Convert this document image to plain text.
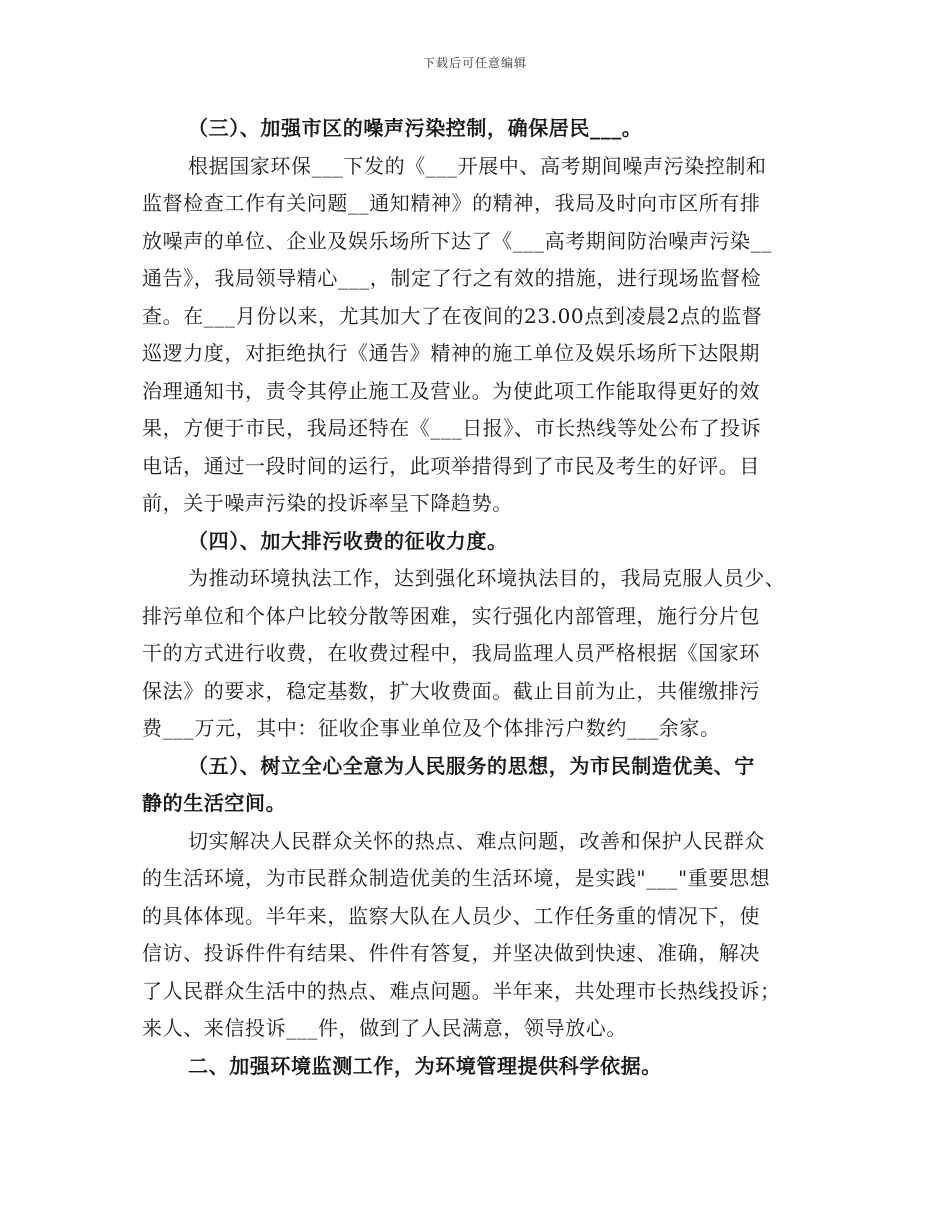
下载后可任意编辑
（三）、加强市区的噪声污染控制，确保居民___。
根据国家环保___下发的《___开展中、高考期间噪声污染控制和
监督检查工作有关问题__通知精神》的精神，我局及时向市区所有排
放噪声的单位、企业及娱乐场所下达了《___高考期间防治噪声污染__
通告》，我局领导精心___，制定了行之有效的措施，进行现场监督检
查。在___月份以来，尤其加大了在夜间的23.00点到凌晨2点的监督
巡逻力度，对拒绝执行《通告》精神的施工单位及娱乐场所下达限期
治理通知书，责令其停止施工及营业。为使此项工作能取得更好的效
果，方便于市民，我局还特在《___日报》、市长热线等处公布了投诉
电话，通过一段时间的运行，此项举措得到了市民及考生的好评。目
前，关于噪声污染的投诉率呈下降趋势。
（四）、加大排污收费的征收力度。
为推动环境执法工作，达到强化环境执法目的，我局克服人员少、
排污单位和个体户比较分散等困难，实行强化内部管理，施行分片包
干的方式进行收费，在收费过程中，我局监理人员严格根据《国家环
保法》的要求，稳定基数，扩大收费面。截止目前为止，共催缴排污
费___万元，其中：征收企事业单位及个体排污户数约___余家。
（五）、树立全心全意为人民服务的思想，为市民制造优美、宁
静的生活空间。
切实解决人民群众关怀的热点、难点问题，改善和保护人民群众
的生活环境，为市民群众制造优美的生活环境，是实践"___"重要思想
的具体体现。半年来，监察大队在人员少、工作任务重的情况下，使
信访、投诉件件有结果、件件有答复，并坚决做到快速、准确，解决
了人民群众生活中的热点、难点问题。半年来，共处理市长热线投诉；
来人、来信投诉___件，做到了人民满意，领导放心。
二、加强环境监测工作，为环境管理提供科学依据。
